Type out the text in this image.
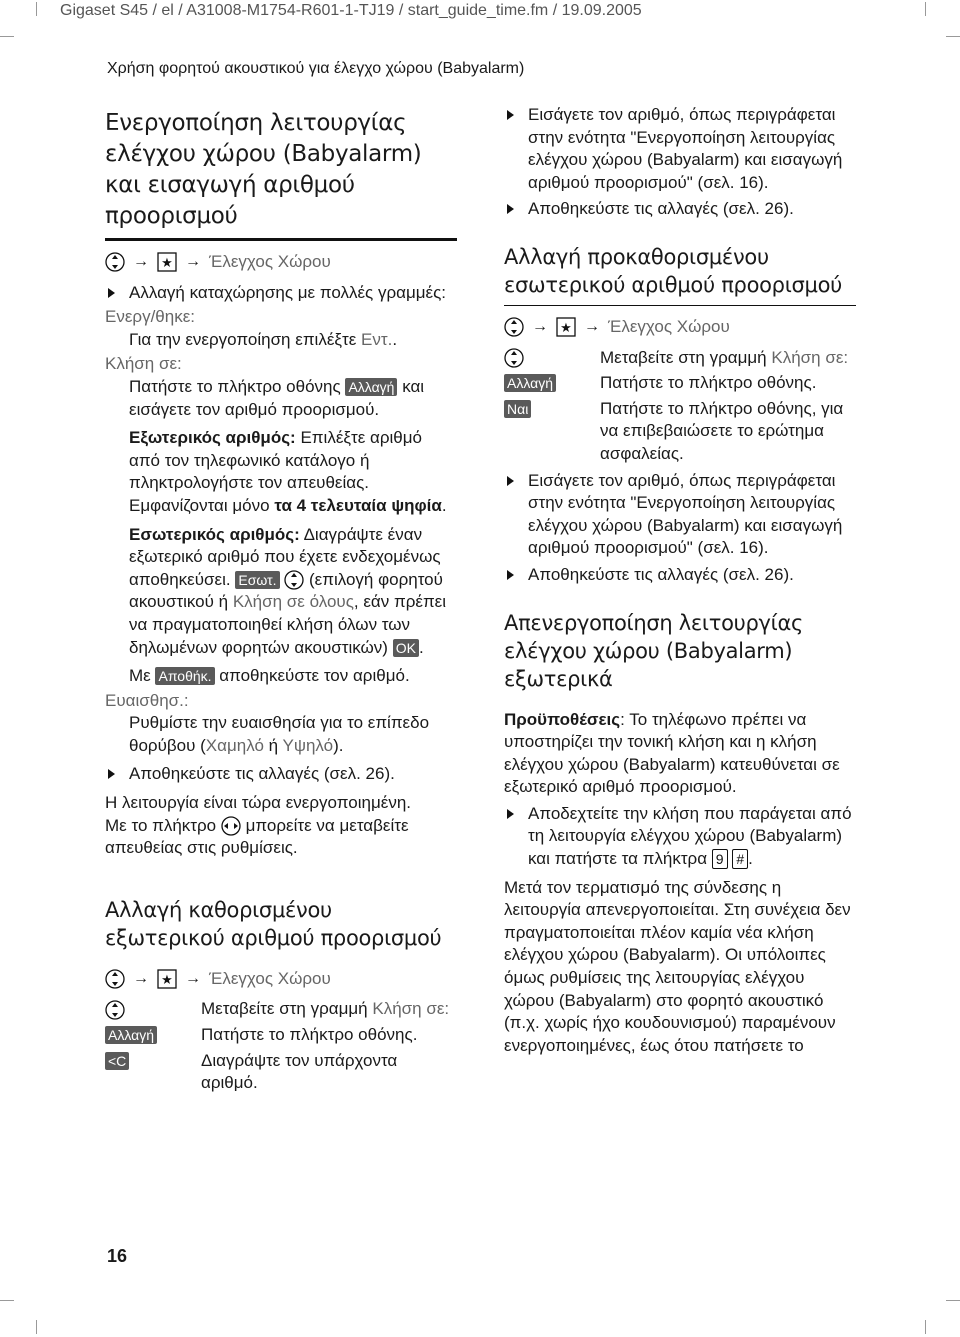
Gigaset S45 / el / A31008-M1754-R601-1-TJ19 / start_guide_time.fm / 19.09.2005
Χρήση φορητού ακουστικού για έλεγχο χώρου (Babyalarm)
Ενεργοποίηση λειτουργίας ελέγχου χώρου (Babyalarm) και εισαγωγή αριθμού προορισμού
→ ★ → Έλεγχος Χώρου
Αλλαγή καταχώρησης με πολλές γραμμές:
Ενεργ/θηκε:
Για την ενεργοποίηση επιλέξτε Εντ..
Κλήση σε:
Πατήστε το πλήκτρο οθόνης Αλλαγή και εισάγετε τον αριθμό προορισμού.
Εξωτερικός αριθμός: Επιλέξτε αριθμό από τον τηλεφωνικό κατάλογο ή πληκτρολογήστε τον απευθείας.
Εμφανίζονται μόνο τα 4 τελευταία ψηφία.
Εσωτερικός αριθμός: Διαγράψτε έναν εξωτερικό αριθμό που έχετε ενδεχομένως αποθηκεύσει. Εσωτ. (επιλογή φορητού ακουστικού ή Κλήση σε όλους, εάν πρέπει να πραγματοποιηθεί κλήση όλων των δηλωμένων φορητών ακουστικών) OK .
Με Αποθήκ. αποθηκεύστε τον αριθμό.
Ευαισθησ.:
Ρυθμίστε την ευαισθησία για το επίπεδο θορύβου (Χαμηλό ή Υψηλό).
Αποθηκεύστε τις αλλαγές (σελ. 26).
Η λειτουργία είναι τώρα ενεργοποιημένη.
Με το πλήκτρο μπορείτε να μεταβείτε απευθείας στις ρυθμίσεις.
Αλλαγή καθορισμένου εξωτερικού αριθμού προορισμού
→ ★ → Έλεγχος Χώρου
Μεταβείτε στη γραμμή Κλήση σε:
Αλλαγή	Πατήστε το πλήκτρο οθόνης.
<C	Διαγράψτε τον υπάρχοντα αριθμό.
Εισάγετε τον αριθμό, όπως περιγράφεται στην ενότητα "Ενεργοποίηση λειτουργίας ελέγχου χώρου (Babyalarm) και εισαγωγή αριθμού προορισμού" (σελ. 16).
Αποθηκεύστε τις αλλαγές (σελ. 26).
Αλλαγή προκαθορισμένου εσωτερικού αριθμού προορισμού
→ ★ → Έλεγχος Χώρου
Μεταβείτε στη γραμμή Κλήση σε:
Αλλαγή	Πατήστε το πλήκτρο οθόνης.
Ναι	Πατήστε το πλήκτρο οθόνης, για να επιβεβαιώσετε το ερώτημα ασφαλείας.
Εισάγετε τον αριθμό, όπως περιγράφεται στην ενότητα "Ενεργοποίηση λειτουργίας ελέγχου χώρου (Babyalarm) και εισαγωγή αριθμού προορισμού" (σελ. 16).
Αποθηκεύστε τις αλλαγές (σελ. 26).
Απενεργοποίηση λειτουργίας ελέγχου χώρου (Babyalarm) εξωτερικά
Προϋποθέσεις: Το τηλέφωνο πρέπει να υποστηρίζει την τονική κλήση και η κλήση ελέγχου χώρου (Babyalarm) κατευθύνεται σε εξωτερικό αριθμό προορισμού.
Αποδεχτείτε την κλήση που παράγεται από τη λειτουργία ελέγχου χώρου (Babyalarm) και πατήστε τα πλήκτρα 9 # .
Μετά τον τερματισμό της σύνδεσης η λειτουργία απενεργοποιείται. Στη συνέχεια δεν πραγματοποιείται πλέον καμία νέα κλήση ελέγχου χώρου (Babyalarm). Οι υπόλοιπες όμως ρυθμίσεις της λειτουργίας ελέγχου χώρου (Babyalarm) στο φορητό ακουστικό (π.χ. χωρίς ήχο κουδουνισμού) παραμένουν ενεργοποιημένες, έως ότου πατήσετε το
16
